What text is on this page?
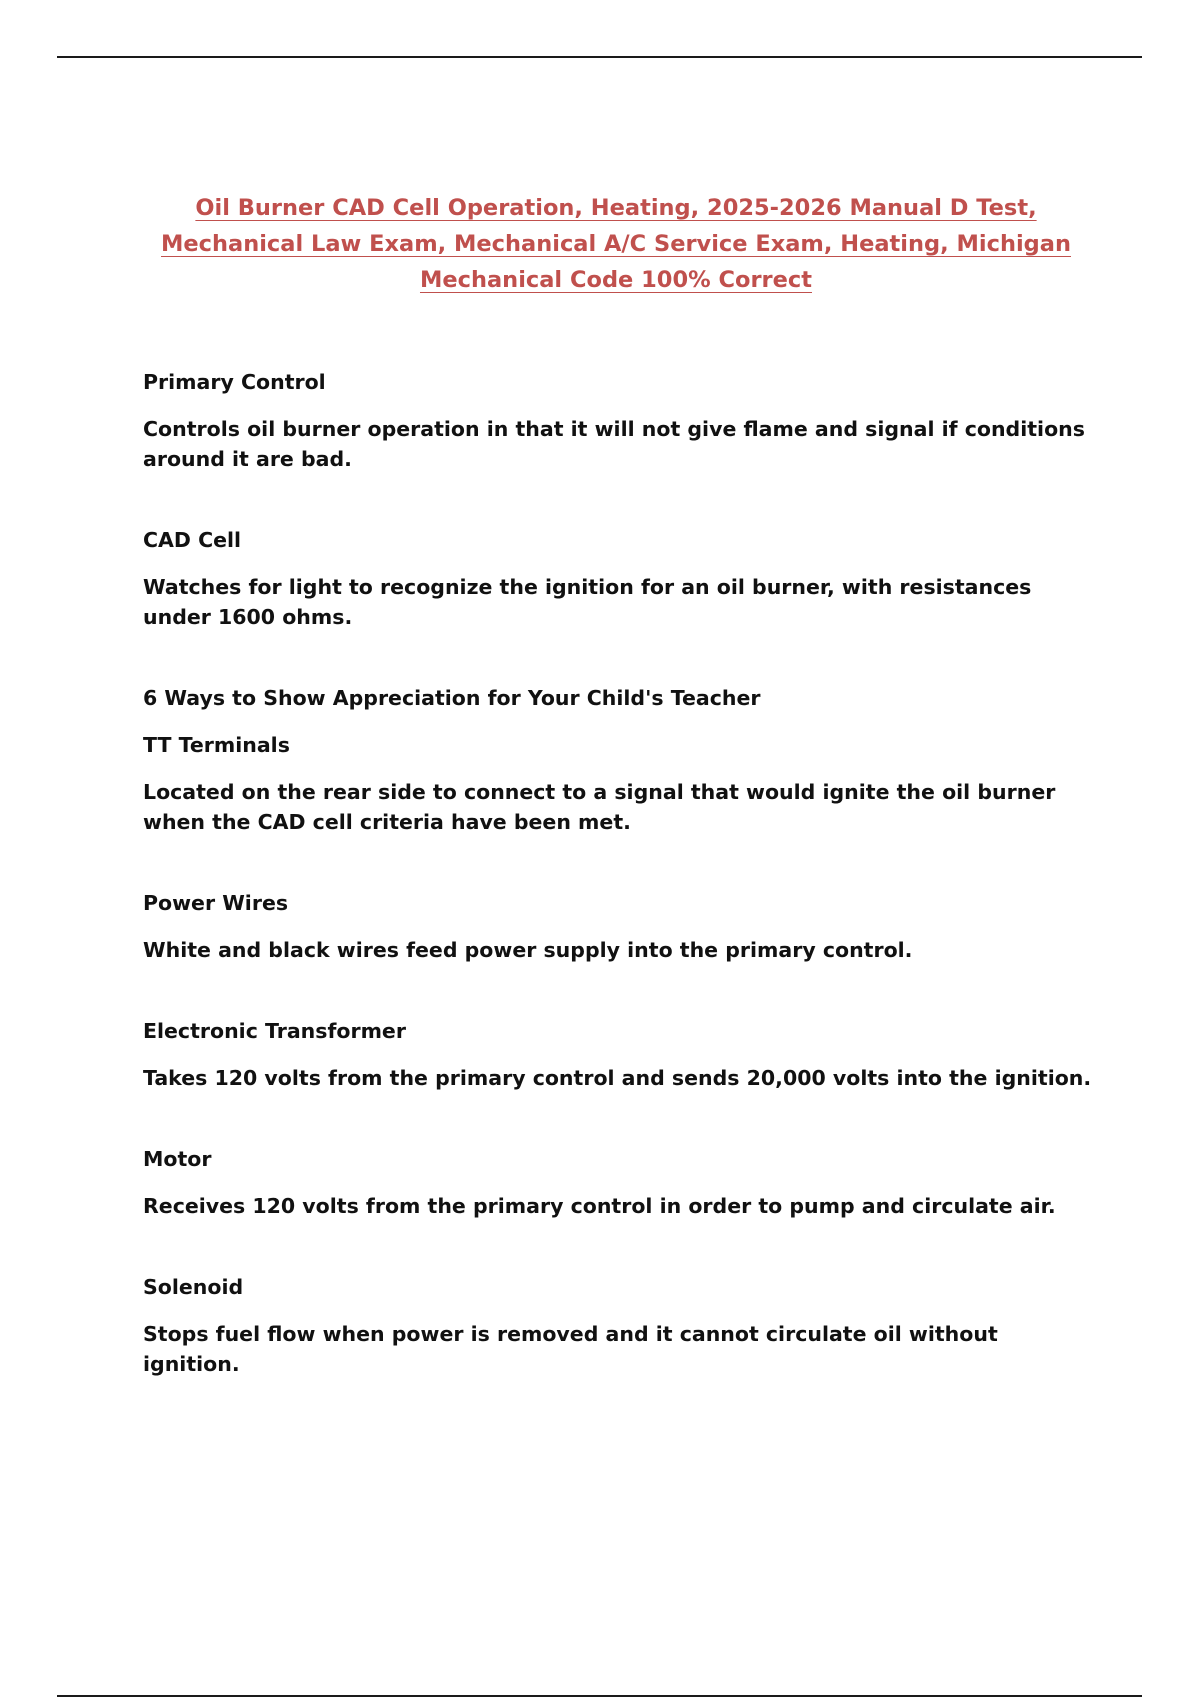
Oil Burner CAD Cell Operation, Heating, 2025-2026 Manual D Test, Mechanical Law Exam, Mechanical A/C Service Exam, Heating, Michigan Mechanical Code 100% Correct

Primary Control

Controls oil burner operation in that it will not give flame and signal if conditions around it are bad.

CAD Cell

Watches for light to recognize the ignition for an oil burner, with resistances under 1600 ohms.

6 Ways to Show Appreciation for Your Child's Teacher

TT Terminals

Located on the rear side to connect to a signal that would ignite the oil burner when the CAD cell criteria have been met.

Power Wires

White and black wires feed power supply into the primary control.

Electronic Transformer

Takes 120 volts from the primary control and sends 20,000 volts into the ignition.

Motor

Receives 120 volts from the primary control in order to pump and circulate air.

Solenoid

Stops fuel flow when power is removed and it cannot circulate oil without ignition.
